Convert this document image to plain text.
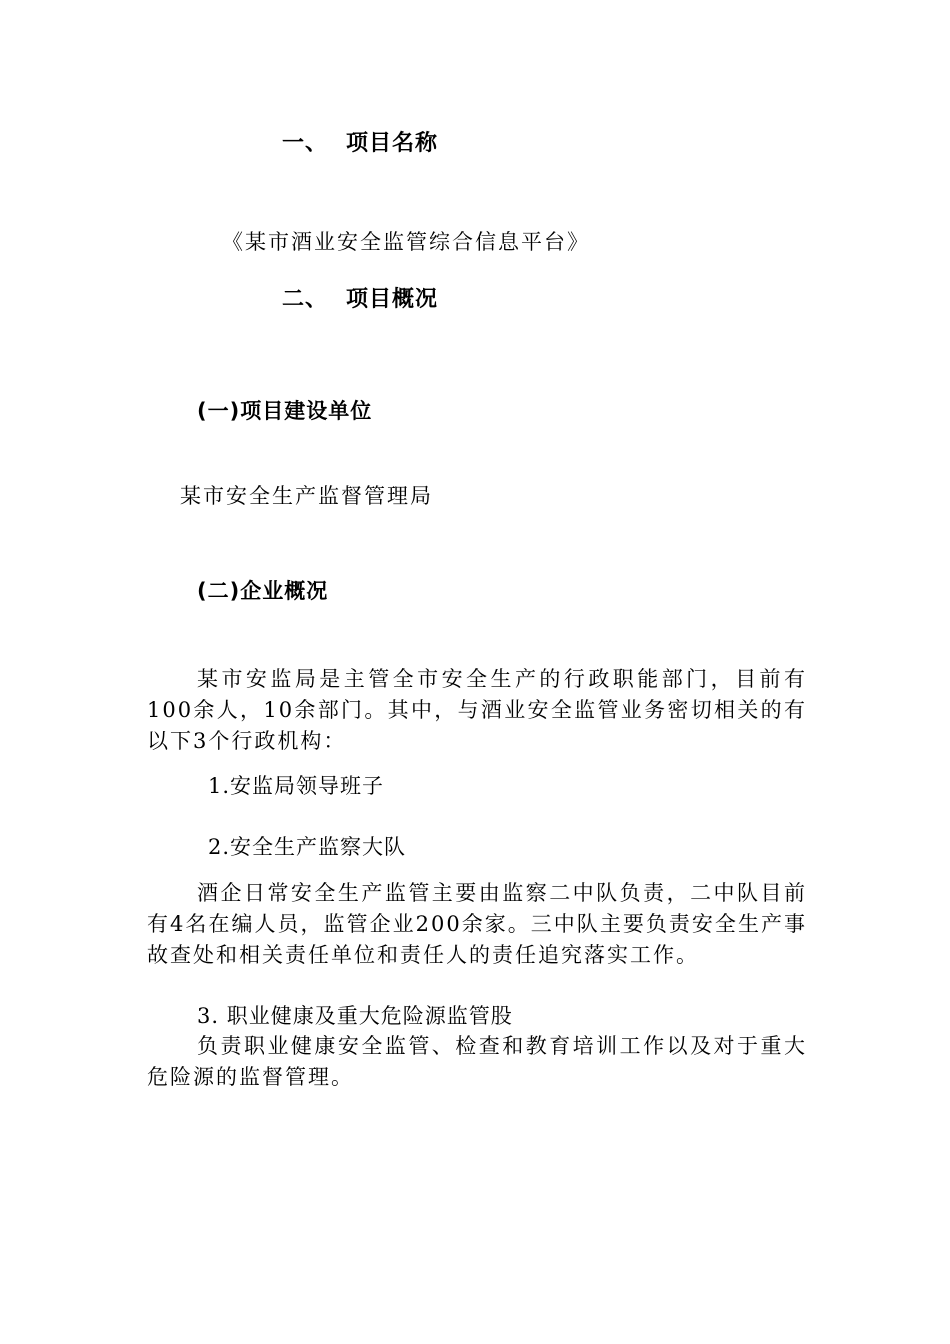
一、 项目名称
《某市酒业安全监管综合信息平台》
二、 项目概况
(一)项目建设单位
某市安全生产监督管理局
(二)企业概况
某市安监局是主管全市安全生产的行政职能部门，目前有100余人，10余部门。其中，与酒业安全监管业务密切相关的有以下3个行政机构：
1.安监局领导班子
2.安全生产监察大队
酒企日常安全生产监管主要由监察二中队负责，二中队目前有4名在编人员，监管企业200余家。三中队主要负责安全生产事故查处和相关责任单位和责任人的责任追究落实工作。
3. 职业健康及重大危险源监管股
负责职业健康安全监管、检查和教育培训工作以及对于重大危险源的监督管理。
